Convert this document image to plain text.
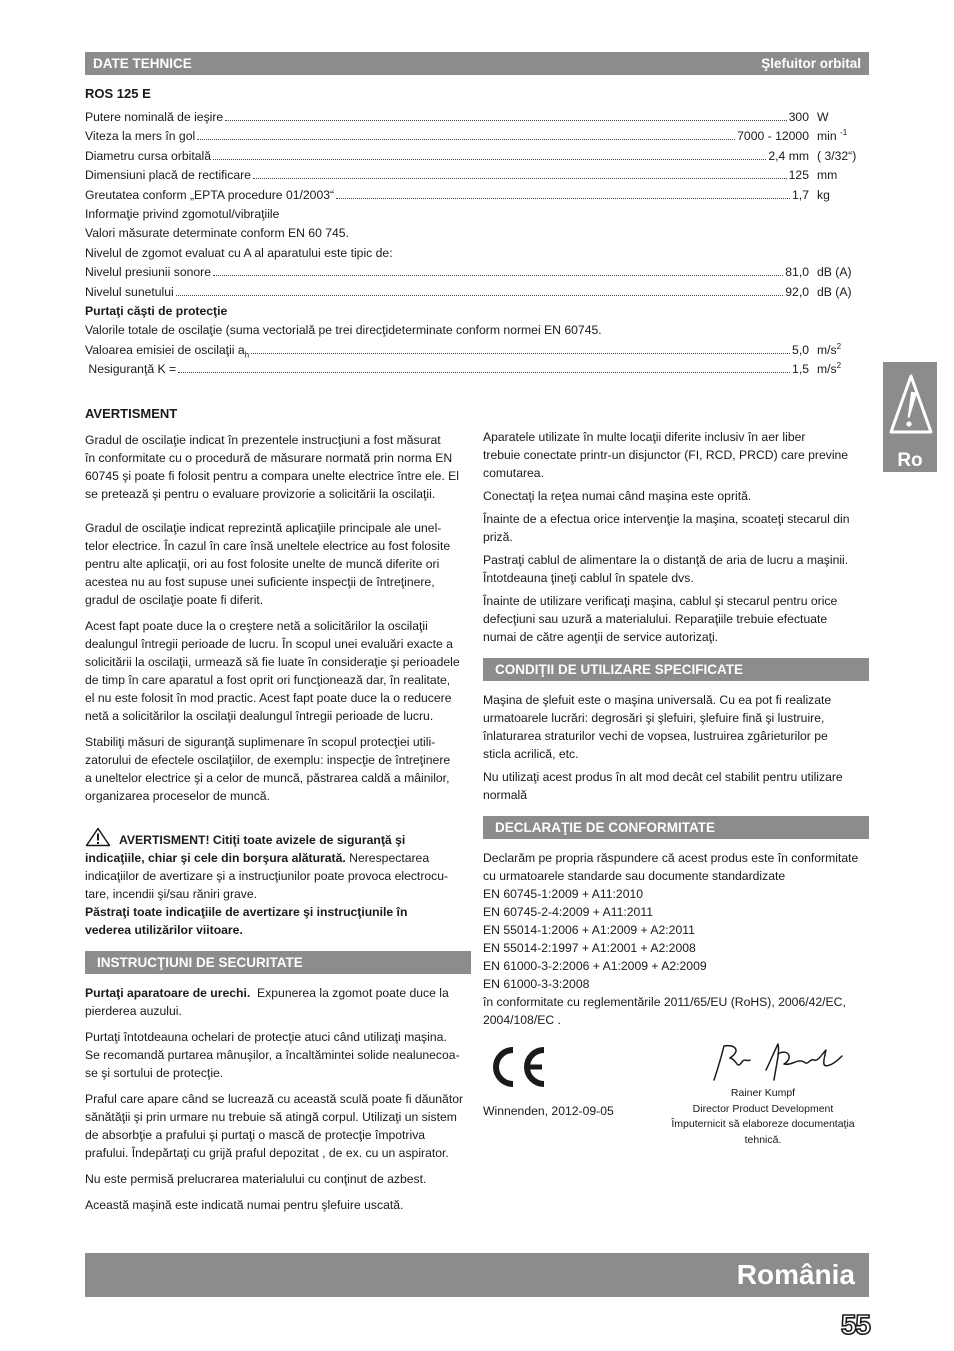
DATE TEHNICE	Şlefuitor orbital
ROS 125 E
Putere nominală de ieşire	300 W
Viteza la mers în gol	7000 - 12000 min $^{-1}$
Diametru cursa orbitală	2,4 mm ( 3/32“)
Dimensiuni placă de rectificare	125 mm
Greutatea conform „EPTA procedure 01/2003“	1,7 kg
Informaţie privind zgomotul/vibraţiile
Valori măsurate determinate conform EN 60 745.
Nivelul de zgomot evaluat cu A al aparatului este tipic de:
Nivelul presiunii sonore	81,0 dB (A)
Nivelul sunetului	92,0 dB (A)
Purtaţi căşti de protecţie
Valorile totale de oscilaţie (suma vectorială pe trei direcţideterminate conform normei EN 60745.
Valoarea emisiei de oscilaţii $a_h$	5,0 $m/s^2$
Nesiguranţă K =	1,5 $m/s^2$
Ro
AVERTISMENT

Gradul de oscilaţie indicat în prezentele instrucţiuni a fost măsurat
în conformitate cu o procedură de măsurare normată prin norma EN
60745 şi poate fi folosit pentru a compara unelte electrice între ele. El
se pretează şi pentru o evaluare provizorie a solicitării la oscilaţii.

Gradul de oscilaţie indicat reprezintă aplicaţiile principale ale unel-
telor electrice. În cazul în care însă uneltele electrice au fost folosite
pentru alte aplicaţii, ori au fost folosite unelte de muncă diferite ori
acestea nu au fost supuse unei suficiente inspecţii de întreţinere,
gradul de oscilaţie poate fi diferit.
Acest fapt poate duce la o creştere netă a solicitărilor la oscilaţii
dealungul întregii perioade de lucru. În scopul unei evaluări exacte a
solicitării la oscilaţii, urmează să fie luate în consideraţie şi perioadele
de timp în care aparatul a fost oprit ori funcţionează dar, în realitate,
el nu este folosit în mod practic. Acest fapt poate duce la o reducere
netă a solicitărilor la oscilaţii dealungul întregii perioade de lucru.
Stabiliţi măsuri de siguranţă suplimenare în scopul protecţiei utili-
zatorului de efectele oscilaţiilor, de exemplu: inspecţie de întreţinere
a uneltelor electrice şi a celor de muncă, păstrarea caldă a mâinilor,
organizarea proceselor de muncă.
AVERTISMENT! Citiţi toate avizele de siguranţă şi
indicaţiile, chiar şi cele din borşura alăturată. Nerespectarea
indicaţiilor de avertizare şi a instrucţiunilor poate provoca electrocu-
tare, incendii şi/sau răniri grave.
Păstraţi toate indicaţiile de avertizare şi instrucţiunile în
vederea utilizărilor viitoare.
INSTRUCŢIUNI DE SECURITATE
Purtaţi aparatoare de urechi.  Expunerea la zgomot poate duce la
pierderea auzului.
Purtaţi întotdeauna ochelari de protecţie atuci când utilizaţi maşina.
Se recomandă purtarea mânuşilor, a încaltămintei solide nealunecoa-
se şi sortului de protecţie.
Praful care apare când se lucrează cu această sculă poate fi dăunător
sănătăţii şi prin urmare nu trebuie să atingă corpul. Utilizaţi un sistem
de absorbţie a prafului şi purtaţi o mască de protecţie împotriva
prafului. Îndepărtaţi cu grijă praful depozitat , de ex. cu un aspirator.
Nu este permisă prelucrarea materialului cu conţinut de azbest.
Această maşină este indicată numai pentru şlefuire uscată.
Aparatele utilizate în multe locaţii diferite inclusiv în aer liber
trebuie conectate printr-un disjunctor (FI, RCD, PRCD) care previne
comutarea.
Conectaţi la reţea numai când maşina este oprită.
Înainte de a efectua orice intervenţie la maşina, scoateţi stecarul din
priză.
Pastraţi cablul de alimentare la o distanţă de aria de lucru a maşinii.
Întotdeauna ţineţi cablul în spatele dvs.
Înainte de utilizare verificaţi maşina, cablul şi stecarul pentru orice
defecţiuni sau uzură a materialului. Reparaţiile trebuie efectuate
numai de către agenţii de service autorizaţi.
CONDIŢII DE UTILIZARE SPECIFICATE
Maşina de şlefuit este o maşina universală. Cu ea pot fi realizate
urmatoarele lucrări: degrosări şi şlefuiri, şlefuire fină şi lustruire,
înlaturarea straturilor vechi de vopsea, lustruirea zgârieturilor pe
sticla acrilică, etc.
Nu utilizaţi acest produs în alt mod decât cel stabilit pentru utilizare
normală
DECLARAŢIE DE CONFORMITATE
Declarăm pe propria răspundere că acest produs este în conformitate
cu urmatoarele standarde sau documente standardizate
EN 60745-1:2009 + A11:2010
EN 60745-2-4:2009 + A11:2011
EN 55014-1:2006 + A1:2009 + A2:2011
EN 55014-2:1997 + A1:2001 + A2:2008
EN 61000-3-2:2006 + A1:2009 + A2:2009
EN 61000-3-3:2008
în conformitate cu reglementările 2011/65/EU (RoHS), 2006/42/EC,
2004/108/EC .
Winnenden, 2012-09-05
Rainer Kumpf
Director Product Development
Împuternicit să elaboreze documentaţia tehnică.
România
55
